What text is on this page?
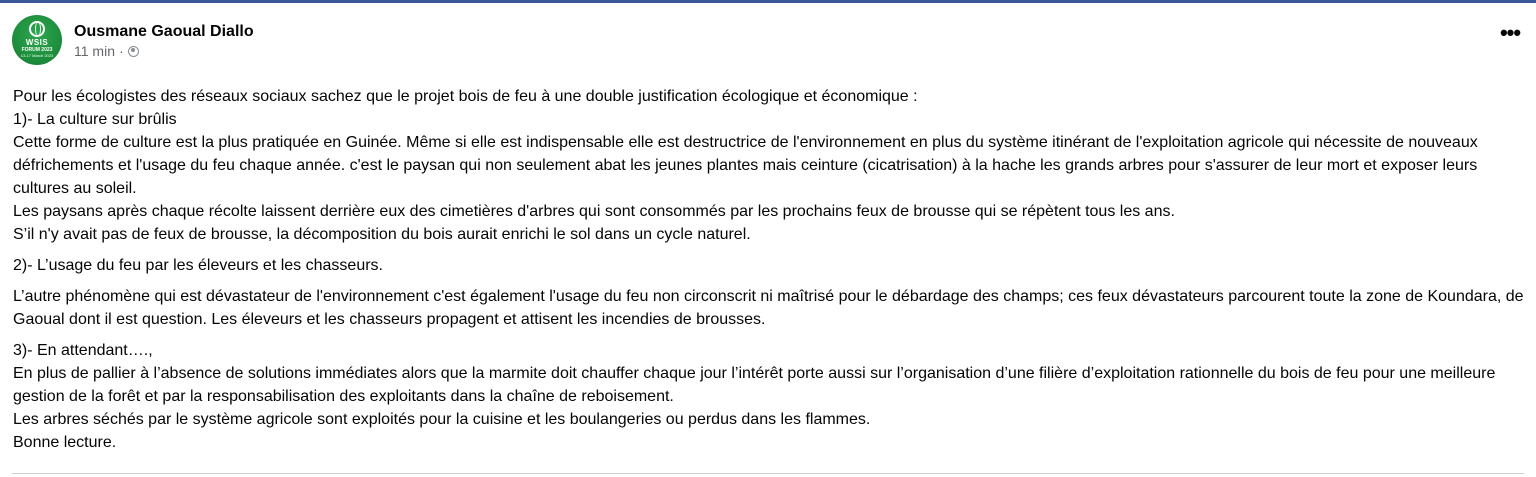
WSIS
FORUM 2023
13-17 March 2023
Ousmane Gaoual Diallo
11 min ·
•••

Pour les écologistes des réseaux sociaux sachez que le projet bois de feu à une double justification écologique et économique :

1)- La culture sur brûlis

Cette forme de culture est la plus pratiquée en Guinée. Même si elle est indispensable elle est destructrice de l'environnement en plus du système itinérant de l'exploitation agricole qui nécessite de nouveaux défrichements et l'usage du feu chaque année. c'est le paysan qui non seulement abat les jeunes plantes mais ceinture (cicatrisation) à la hache les grands arbres pour s'assurer de leur mort et exposer leurs cultures au soleil.

Les paysans après chaque récolte laissent derrière eux des cimetières d'arbres qui sont consommés par les prochains feux de brousse qui se répètent tous les ans.

S’il n'y avait pas de feux de brousse, la décomposition du bois aurait enrichi le sol dans un cycle naturel.

2)- L’usage du feu par les éleveurs et les chasseurs.

L’autre phénomène qui est dévastateur de l'environnement c'est également l'usage du feu non circonscrit ni maîtrisé pour le débardage des champs; ces feux dévastateurs parcourent toute la zone de Koundara, de Gaoual dont il est question. Les éleveurs et les chasseurs propagent et attisent les incendies de brousses.

3)- En attendant….,

En plus de pallier à l’absence de solutions immédiates alors que la marmite doit chauffer chaque jour l’intérêt porte aussi sur l’organisation d’une filière d’exploitation rationnelle du bois de feu pour une meilleure gestion de la forêt et par la responsabilisation des exploitants dans la chaîne de reboisement.

Les arbres séchés par le système agricole sont exploités pour la cuisine et les boulangeries ou perdus dans les flammes.

Bonne lecture.
